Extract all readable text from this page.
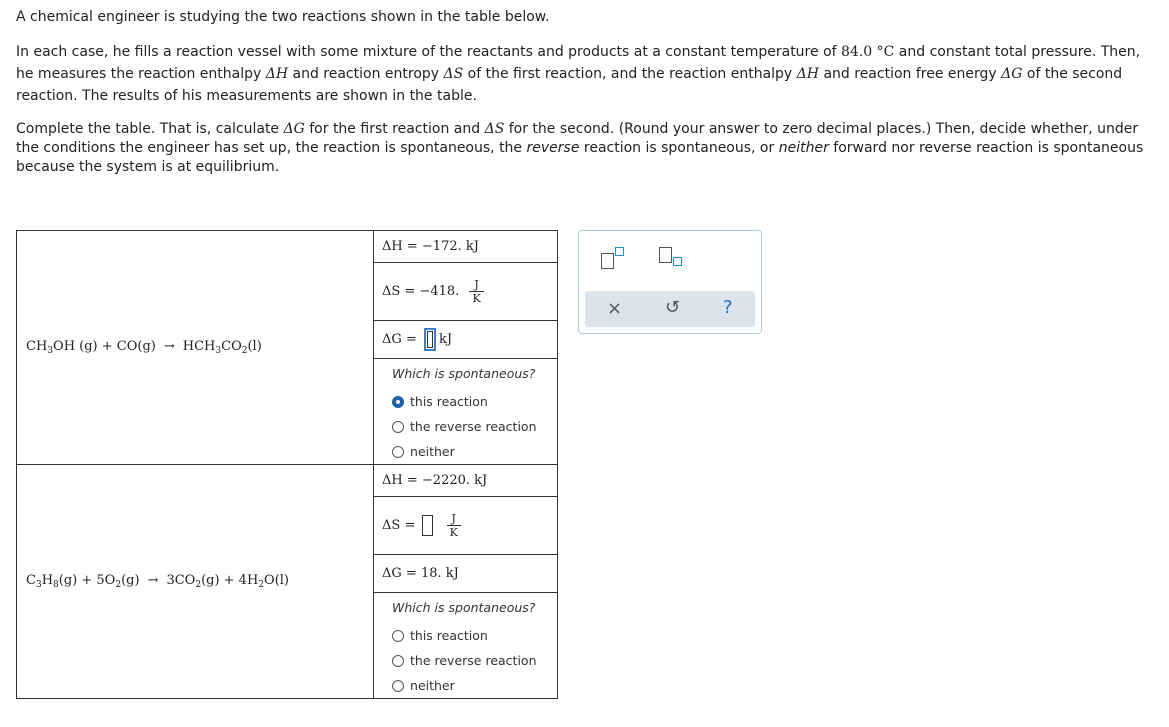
A chemical engineer is studying the two reactions shown in the table below.
In each case, he fills a reaction vessel with some mixture of the reactants and products at a constant temperature of 84.0 °C and constant total pressure. Then, he measures the reaction enthalpy ΔH and reaction entropy ΔS of the first reaction, and the reaction enthalpy ΔH and reaction free energy ΔG of the second reaction. The results of his measurements are shown in the table.
Complete the table. That is, calculate ΔG for the first reaction and ΔS for the second. (Round your answer to zero decimal places.) Then, decide whether, under the conditions the engineer has set up, the reaction is spontaneous, the reverse reaction is spontaneous, or neither forward nor reverse reaction is spontaneous because the system is at equilibrium.
$CH_3OH$ $(g) + CO(g) \to HCH_3CO_2(l)$	ΔH = −172. kJ
	ΔS = −418. $\frac{J}{K}$

	ΔG = kJ

	Which is spontaneous?
this reaction
the reverse reaction
neither

$C_3H_8(g) + 5O_2(g) \to 3CO_2(g) + 4H_2O(l)$	ΔH = −2220. kJ
	$\Delta S = \frac{J}{K}$

	ΔG = 18. kJ

	Which is spontaneous?
this reaction
the reverse reaction
neither
× ↺ ?
